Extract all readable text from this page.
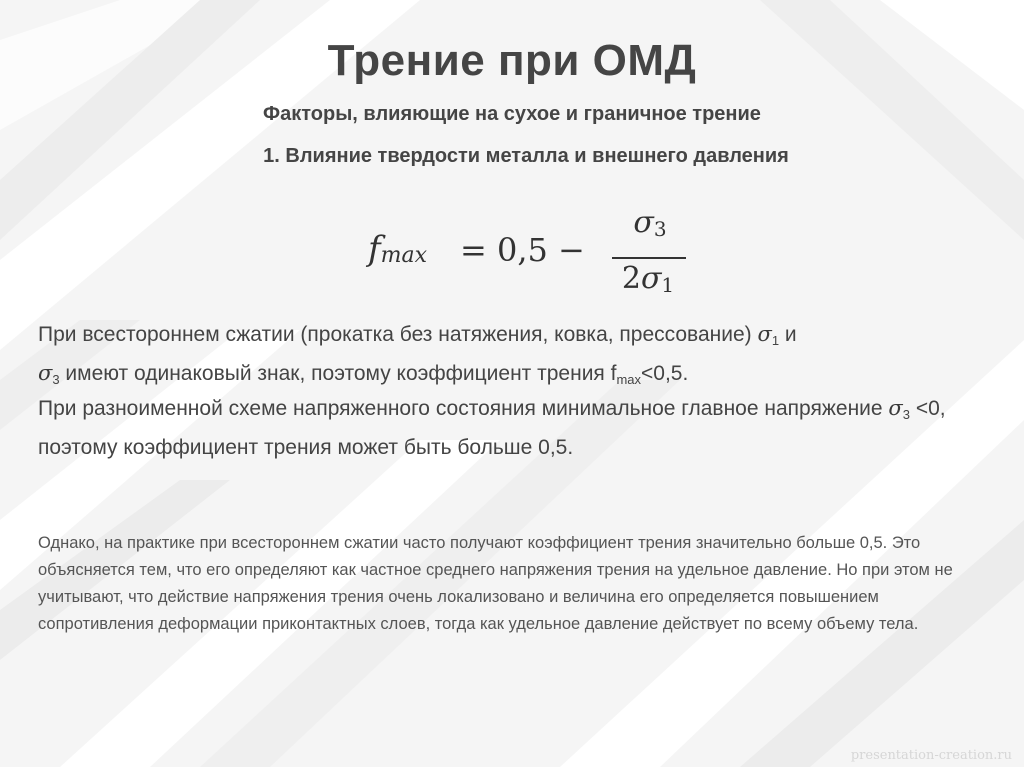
Трение при ОМД
Факторы, влияющие на сухое и граничное трение
1. Влияние твердости металла и внешнего давления
$f_{max} = 0,5$ −
$\sigma_3$
$2\sigma_1$
При всестороннем сжатии (прокатка без натяжения, ковка, прессование) $\sigma_1$ и
$\sigma_3$ имеют одинаковый знак, поэтому коэффициент трения $f_{max}<0,5$.
При разноименной схеме напряженного состояния минимальное главное напряжение $\sigma_3 <0$, поэтому коэффициент трения может быть больше 0,5.
Однако, на практике при всестороннем сжатии часто получают коэффициент трения значительно больше 0,5. Это объясняется тем, что его определяют как частное среднего напряжения трения на удельное давление. Но при этом не учитывают, что действие напряжения трения очень локализовано и величина его определяется повышением сопротивления деформации приконтактных слоев, тогда как удельное давление действует по всему объему тела.
presentation-creation.ru
